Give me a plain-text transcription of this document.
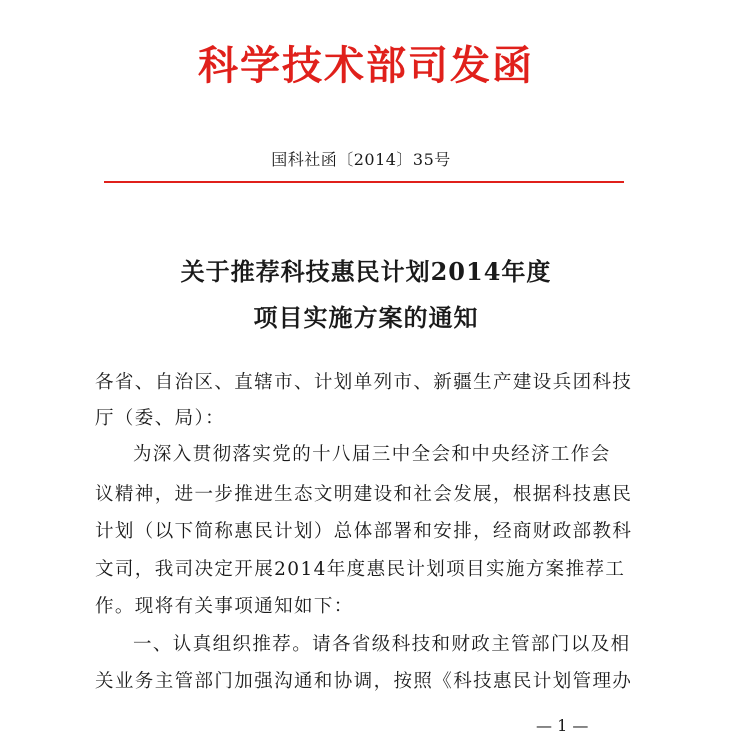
科学技术部司发函
国科社函〔2014〕35号
关于推荐科技惠民计划2014年度
项目实施方案的通知
各省、自治区、直辖市、计划单列市、新疆生产建设兵团科技
厅（委、局）：
为深入贯彻落实党的十八届三中全会和中央经济工作会
议精神，进一步推进生态文明建设和社会发展，根据科技惠民
计划（以下简称惠民计划）总体部署和安排，经商财政部教科
文司，我司决定开展2014年度惠民计划项目实施方案推荐工
作。现将有关事项通知如下：
一、认真组织推荐。请各省级科技和财政主管部门以及相
关业务主管部门加强沟通和协调，按照《科技惠民计划管理办
— 1 —
